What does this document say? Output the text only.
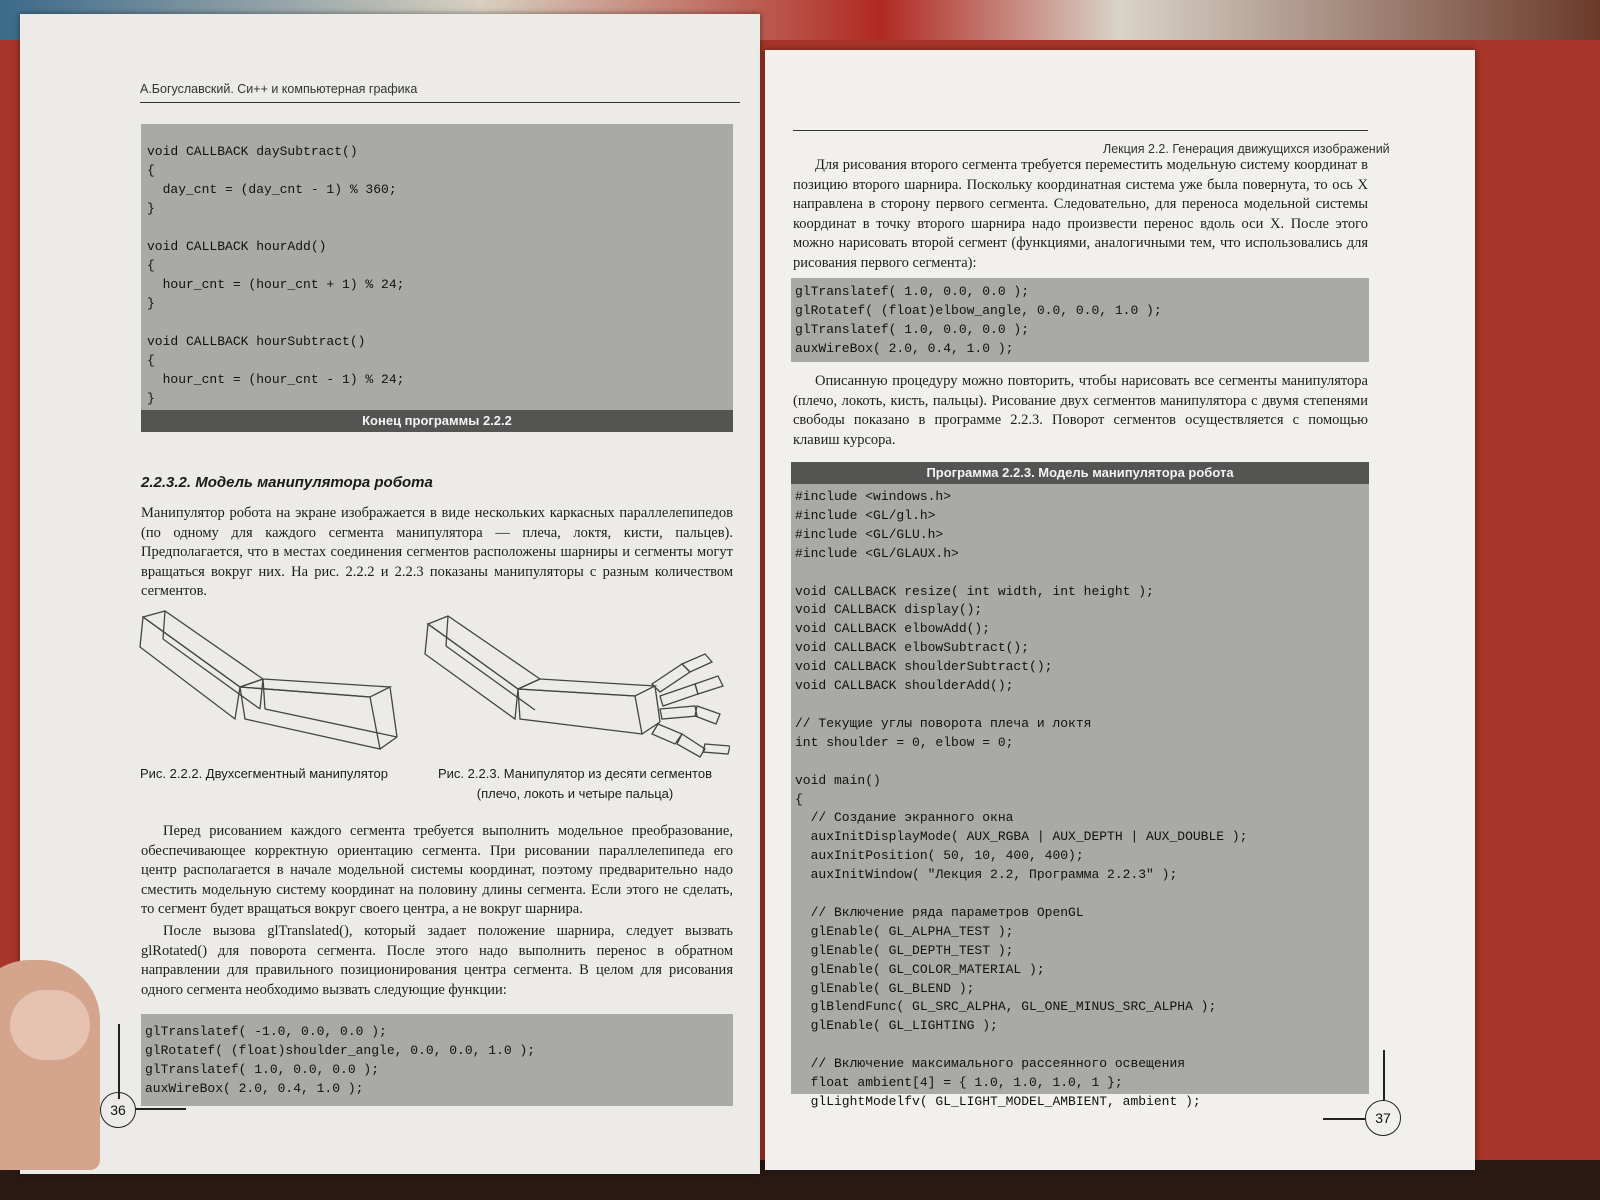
А.Богуславский. Си++ и компьютерная графика
void CALLBACK daySubtract()
{
day_cnt = (day_cnt - 1) % 360;
}

void CALLBACK hourAdd()
{
hour_cnt = (hour_cnt + 1) % 24;
}

void CALLBACK hourSubtract()
{
hour_cnt = (hour_cnt - 1) % 24;
}
Конец программы 2.2.2
2.2.3.2. Модель манипулятора робота

Манипулятор робота на экране изображается в виде нескольких каркасных параллелепипедов (по одному для каждого сегмента манипулятора — плеча, локтя, кисти, пальцев). Предполагается, что в местах соединения сегментов расположены шарниры и сегменты могут вращаться вокруг них. На рис. 2.2.2 и 2.2.3 показаны манипуляторы с разным количеством сегментов.

Рис. 2.2.2. Двухсегментный манипулятор	Рис. 2.2.3. Манипулятор из десяти сегментов
(плечо, локоть и четыре пальца)

Перед рисованием каждого сегмента требуется выполнить модельное преобразование, обеспечивающее корректную ориентацию сегмента. При рисовании параллелепипеда его центр располагается в начале модельной системы координат, поэтому предварительно надо сместить модельную систему координат на половину длины сегмента. Если этого не сделать, то сегмент будет вращаться вокруг своего центра, а не вокруг шарнира.

После вызова glTranslated(), который задает положение шарнира, следует вызвать glRotated() для поворота сегмента. После этого надо выполнить перенос в обратном направлении для правильного позиционирования центра сегмента. В целом для рисования одного сегмента необходимо вызвать следующие функции:

glTranslatef( -1.0, 0.0, 0.0 );
glRotatef( (float)shoulder_angle, 0.0, 0.0, 1.0 );
glTranslatef( 1.0, 0.0, 0.0 );
auxWireBox( 2.0, 0.4, 1.0 );
36
Лекция 2.2. Генерация движущихся изображений

Для рисования второго сегмента требуется переместить модельную систему координат в позицию второго шарнира. Поскольку координатная система уже была повернута, то ось X направлена в сторону первого сегмента. Следовательно, для переноса модельной системы координат в точку второго шарнира надо произвести перенос вдоль оси X. После этого можно нарисовать второй сегмент (функциями, аналогичными тем, что использовались для рисования первого сегмента):

glTranslatef( 1.0, 0.0, 0.0 );
glRotatef( (float)elbow_angle, 0.0, 0.0, 1.0 );
glTranslatef( 1.0, 0.0, 0.0 );
auxWireBox( 2.0, 0.4, 1.0 );

Описанную процедуру можно повторить, чтобы нарисовать все сегменты манипулятора (плечо, локоть, кисть, пальцы). Рисование двух сегментов манипулятора с двумя степенями свободы показано в программе 2.2.3. Поворот сегментов осуществляется с помощью клавиш курсора.

Программа 2.2.3. Модель манипулятора робота
#include <windows.h>
#include <GL/gl.h>
#include <GL/GLU.h>
#include <GL/GLAUX.h>

void CALLBACK resize( int width, int height );
void CALLBACK display();
void CALLBACK elbowAdd();
void CALLBACK elbowSubtract();
void CALLBACK shoulderSubtract();
void CALLBACK shoulderAdd();

// Текущие углы поворота плеча и локтя
int shoulder = 0, elbow = 0;

void main()
{
// Создание экранного окна
auxInitDisplayMode( AUX_RGBA | AUX_DEPTH | AUX_DOUBLE );
auxInitPosition( 50, 10, 400, 400);
auxInitWindow( "Лекция 2.2, Программа 2.2.3" );

// Включение ряда параметров OpenGL
glEnable( GL_ALPHA_TEST );
glEnable( GL_DEPTH_TEST );
glEnable( GL_COLOR_MATERIAL );
glEnable( GL_BLEND );
glBlendFunc( GL_SRC_ALPHA, GL_ONE_MINUS_SRC_ALPHA );
glEnable( GL_LIGHTING );

// Включение максимального рассеянного освещения
float ambient[4] = { 1.0, 1.0, 1.0, 1 };
glLightModelfv( GL_LIGHT_MODEL_AMBIENT, ambient );
37
